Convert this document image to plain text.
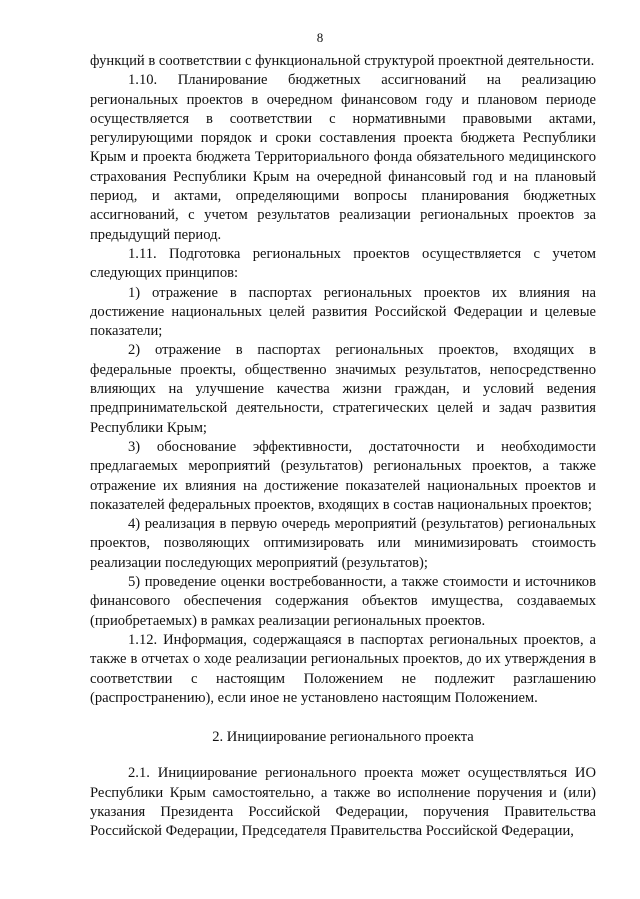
8

функций в соответствии с функциональной структурой проектной деятельности.

1.10. Планирование бюджетных ассигнований на реализацию региональных проектов в очередном финансовом году и плановом периоде осуществляется в соответствии с нормативными правовыми актами, регулирующими порядок и сроки составления проекта бюджета Республики Крым и проекта бюджета Территориального фонда обязательного медицинского страхования Республики Крым на очередной финансовый год и на плановый период, и актами, определяющими вопросы планирования бюджетных ассигнований, с учетом результатов реализации региональных проектов за предыдущий период.

1.11. Подготовка региональных проектов осуществляется с учетом следующих принципов:

1) отражение в паспортах региональных проектов их влияния на достижение национальных целей развития Российской Федерации и целевые показатели;

2) отражение в паспортах региональных проектов, входящих в федеральные проекты, общественно значимых результатов, непосредственно влияющих на улучшение качества жизни граждан, и условий ведения предпринимательской деятельности, стратегических целей и задач развития Республики Крым;

3) обоснование эффективности, достаточности и необходимости предлагаемых мероприятий (результатов) региональных проектов, а также отражение их влияния на достижение показателей национальных проектов и показателей федеральных проектов, входящих в состав национальных проектов;

4) реализация в первую очередь мероприятий (результатов) региональных проектов, позволяющих оптимизировать или минимизировать стоимость реализации последующих мероприятий (результатов);

5) проведение оценки востребованности, а также стоимости и источников финансового обеспечения содержания объектов имущества, создаваемых (приобретаемых) в рамках реализации региональных проектов.

1.12. Информация, содержащаяся в паспортах региональных проектов, а также в отчетах о ходе реализации региональных проектов, до их утверждения в соответствии с настоящим Положением не подлежит разглашению (распространению), если иное не установлено настоящим Положением.

2. Инициирование регионального проекта

2.1. Инициирование регионального проекта может осуществляться ИО Республики Крым самостоятельно, а также во исполнение поручения и (или) указания Президента Российской Федерации, поручения Правительства Российской Федерации, Председателя Правительства Российской Федерации,
